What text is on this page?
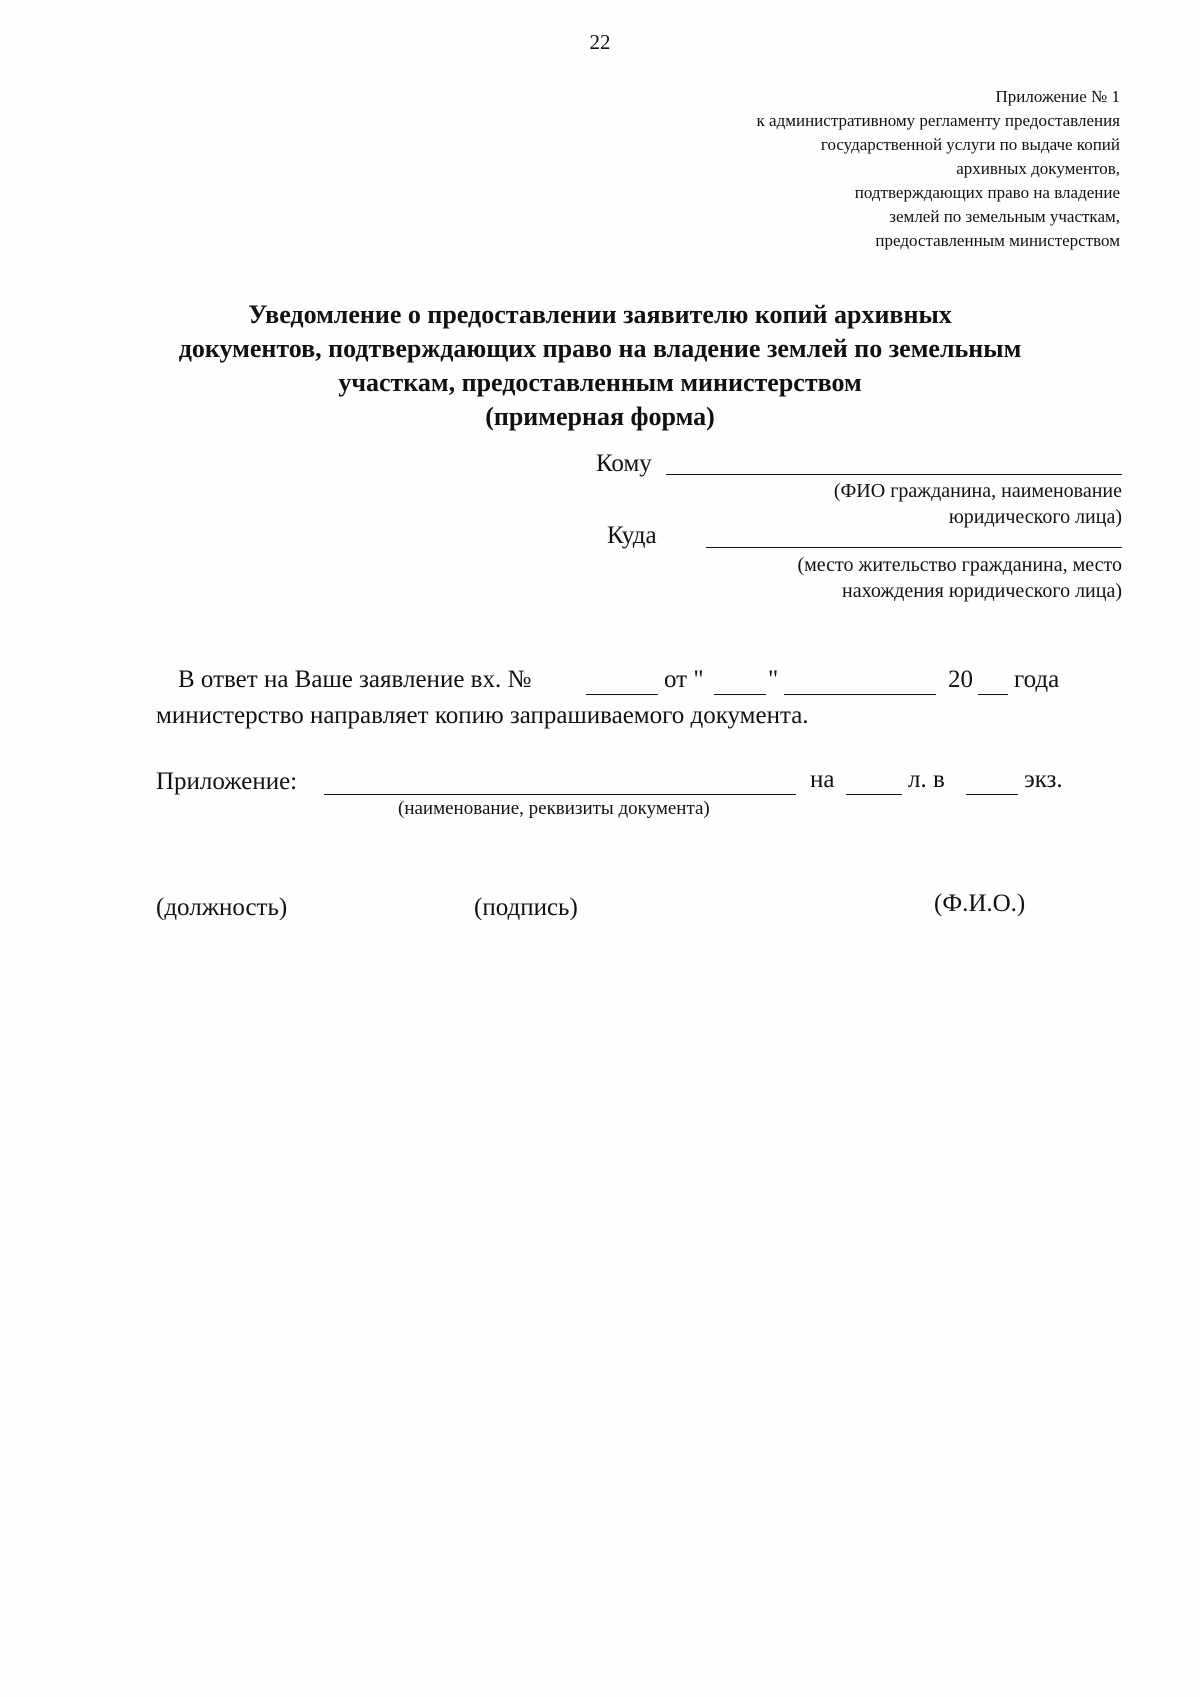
22
Приложение № 1
к административному регламенту предоставления
государственной услуги по выдаче копий
архивных документов,
подтверждающих право на владение
землей по земельным участкам,
предоставленным министерством
Уведомление о предоставлении заявителю копий архивных
документов, подтверждающих право на владение землей по земельным
участкам, предоставленным министерством
(примерная форма)
Кому
(ФИО гражданина, наименование
юридического лица)
Куда
(место жительство гражданина, место
нахождения юридического лица)
В ответ на Ваше заявление вх. №	от "	"	20 года
министерство направляет копию запрашиваемого документа.
Приложение:	на	л. в	экз.
(наименование, реквизиты документа)
(должность)	(подпись)	(Ф.И.О.)
